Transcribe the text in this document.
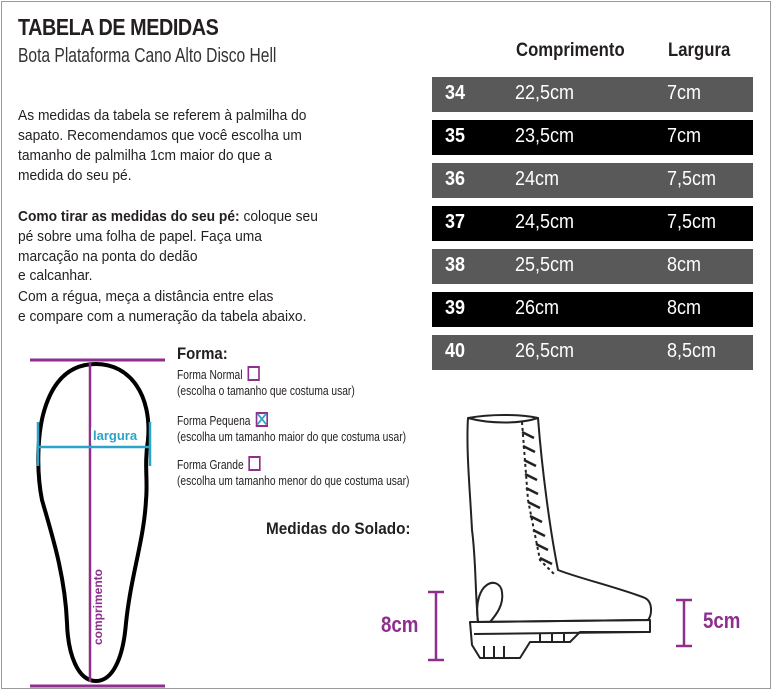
TABELA DE MEDIDAS
Bota Plataforma Cano Alto Disco Hell
As medidas da tabela se referem à palmilha do
sapato. Recomendamos que você escolha um
tamanho de palmilha 1cm maior do que a
medida do seu pé.
Como tirar as medidas do seu pé: coloque seu
pé sobre uma folha de papel. Faça uma
marcação na ponta do dedão
e calcanhar.
Com a régua, meça a distância entre elas
e compare com a numeração da tabela abaixo.
Comprimento Largura
34 22,5cm	7cm
35 23,5cm	7cm
36 24cm	7,5cm
37 24,5cm	7,5cm
38 25,5cm	8cm
39 26cm	8cm
40 26,5cm	8,5cm
largura
comprimento
Forma:
Forma Normal
(escolha o tamanho que costuma usar)
Forma Pequena
(escolha um tamanho maior do que costuma usar)
Forma Grande
(escolha um tamanho menor do que costuma usar)
Medidas do Solado:
8cm	5cm
